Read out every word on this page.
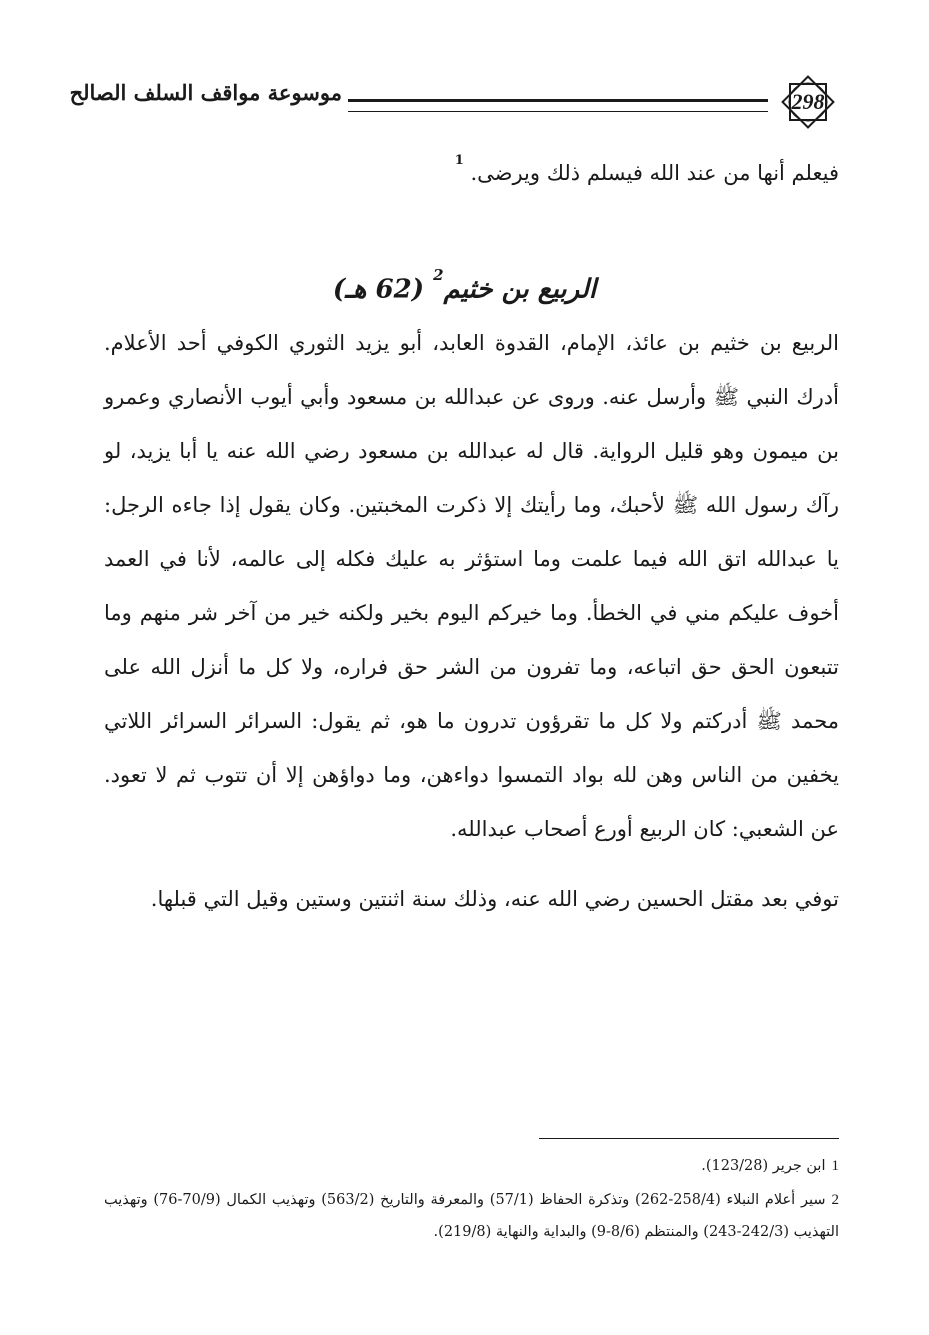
298
موسوعة مواقف السلف الصالح

فيعلم أنها من عند الله فيسلم ذلك ويرضى. $^1$

الربيع بن خثيم$^2$ (62 هـ)

الربيع بن خثيم بن عائذ، الإمام، القدوة العابد، أبو يزيد الثوري الكوفي أحد الأعلام. أدرك النبي ﷺ وأرسل عنه. وروى عن عبدالله بن مسعود وأبي أيوب الأنصاري وعمرو بن ميمون وهو قليل الرواية. قال له عبدالله بن مسعود رضي الله عنه يا أبا يزيد، لو رآك رسول الله ﷺ لأحبك، وما رأيتك إلا ذكرت المخبتين. وكان يقول إذا جاءه الرجل: يا عبدالله اتق الله فيما علمت وما استؤثر به عليك فكله إلى عالمه، لأنا في العمد أخوف عليكم مني في الخطأ. وما خيركم اليوم بخير ولكنه خير من آخر شر منهم وما تتبعون الحق حق اتباعه، وما تفرون من الشر حق فراره، ولا كل ما أنزل الله على محمد ﷺ أدركتم ولا كل ما تقرؤون تدرون ما هو، ثم يقول: السرائر السرائر اللاتي يخفين من الناس وهن لله بواد التمسوا دواءهن، وما دواؤهن إلا أن تتوب ثم لا تعود. عن الشعبي: كان الربيع أورع أصحاب عبدالله.

توفي بعد مقتل الحسين رضي الله عنه، وذلك سنة اثنتين وستين وقيل التي قبلها.

1ابن جرير (123/28).

2سير أعلام النبلاء (258/4-262) وتذكرة الحفاظ (57/1) والمعرفة والتاريخ (563/2) وتهذيب الكمال (70/9-76) وتهذيب التهذيب (242/3-243) والمنتظم (8/6-9) والبداية والنهاية (219/8).
